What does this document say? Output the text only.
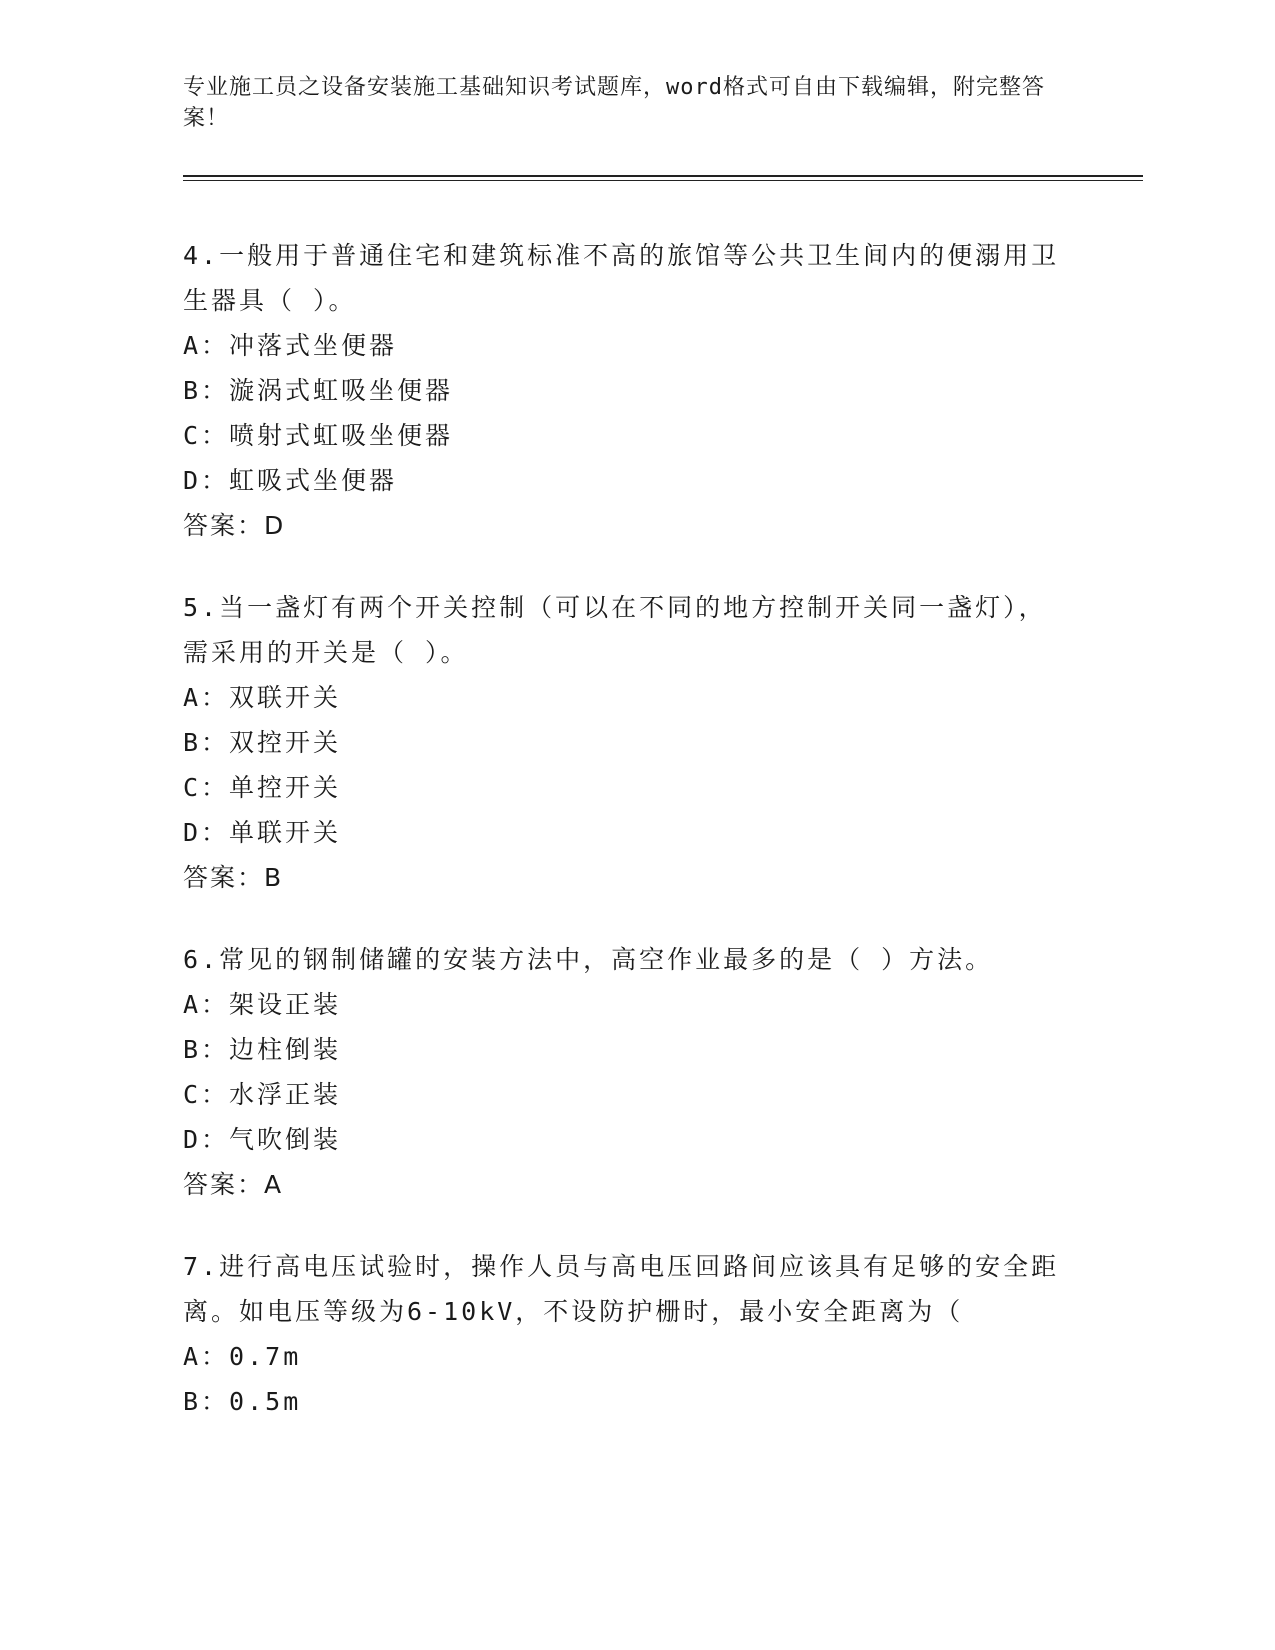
专业施工员之设备安装施工基础知识考试题库，word格式可自由下载编辑，附完整答案！
4.一般用于普通住宅和建筑标准不高的旅馆等公共卫生间内的便溺用卫生器具（ ）。
A：冲落式坐便器
B：漩涡式虹吸坐便器
C：喷射式虹吸坐便器
D：虹吸式坐便器
答案：D
5.当一盏灯有两个开关控制（可以在不同的地方控制开关同一盏灯），需采用的开关是（ ）。
A：双联开关
B：双控开关
C：单控开关
D：单联开关
答案：B
6.常见的钢制储罐的安装方法中，高空作业最多的是（ ）方法。
A：架设正装
B：边柱倒装
C：水浮正装
D：气吹倒装
答案：A
7.进行高电压试验时，操作人员与高电压回路间应该具有足够的安全距离。如电压等级为6-10kV，不设防护栅时，最小安全距离为（
A：0.7m
B：0.5m
